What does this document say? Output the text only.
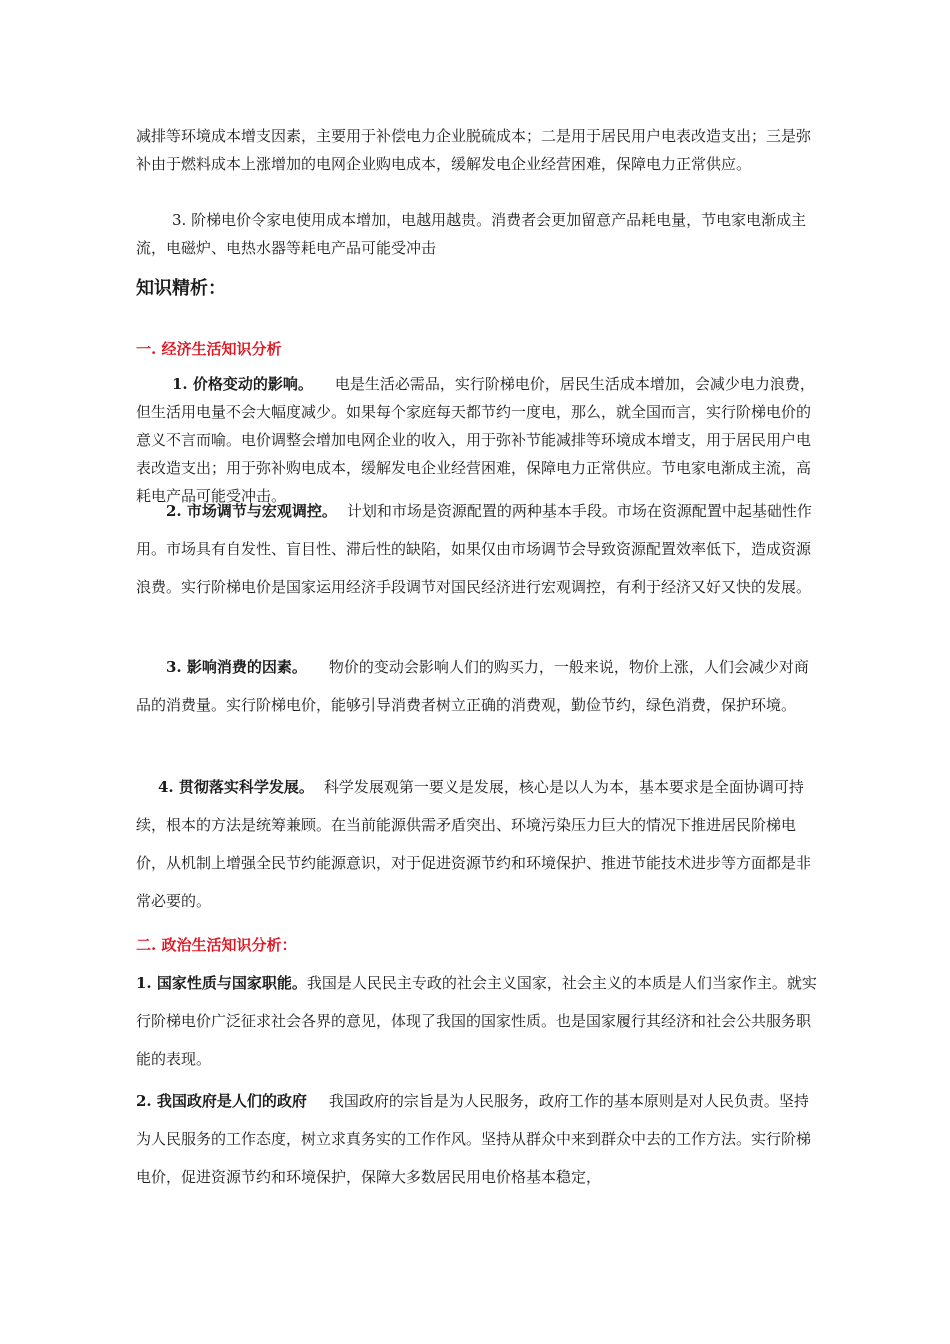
减排等环境成本增支因素，主要用于补偿电力企业脱硫成本；二是用于居民用户电表改造支出；三是弥补由于燃料成本上涨增加的电网企业购电成本，缓解发电企业经营困难，保障电力正常供应。

3. 阶梯电价令家电使用成本增加，电越用越贵。消费者会更加留意产品耗电量，节电家电渐成主流，电磁炉、电热水器等耗电产品可能受冲击

知识精析：
一. 经济生活知识分析

1. 价格变动的影响。 电是生活必需品，实行阶梯电价，居民生活成本增加，会减少电力浪费，但生活用电量不会大幅度减少。如果每个家庭每天都节约一度电，那么，就全国而言，实行阶梯电价的意义不言而喻。电价调整会增加电网企业的收入，用于弥补节能减排等环境成本增支，用于居民用户电表改造支出；用于弥补购电成本，缓解发电企业经营困难，保障电力正常供应。节电家电渐成主流，高耗电产品可能受冲击。

2. 市场调节与宏观调控。 计划和市场是资源配置的两种基本手段。市场在资源配置中起基础性作用。市场具有自发性、盲目性、滞后性的缺陷，如果仅由市场调节会导致资源配置效率低下，造成资源浪费。实行阶梯电价是国家运用经济手段调节对国民经济进行宏观调控，有利于经济又好又快的发展。

3. 影响消费的因素。 物价的变动会影响人们的购买力，一般来说，物价上涨，人们会减少对商品的消费量。实行阶梯电价，能够引导消费者树立正确的消费观，勤俭节约，绿色消费，保护环境。

4. 贯彻落实科学发展。 科学发展观第一要义是发展，核心是以人为本，基本要求是全面协调可持续，根本的方法是统筹兼顾。在当前能源供需矛盾突出、环境污染压力巨大的情况下推进居民阶梯电价，从机制上增强全民节约能源意识，对于促进资源节约和环境保护、推进节能技术进步等方面都是非常必要的。

二. 政治生活知识分析：

1. 国家性质与国家职能。我国是人民民主专政的社会主义国家，社会主义的本质是人们当家作主。就实行阶梯电价广泛征求社会各界的意见，体现了我国的国家性质。也是国家履行其经济和社会公共服务职能的表现。

2. 我国政府是人们的政府 我国政府的宗旨是为人民服务，政府工作的基本原则是对人民负责。坚持为人民服务的工作态度，树立求真务实的工作作风。坚持从群众中来到群众中去的工作方法。实行阶梯电价，促进资源节约和环境保护，保障大多数居民用电价格基本稳定，
